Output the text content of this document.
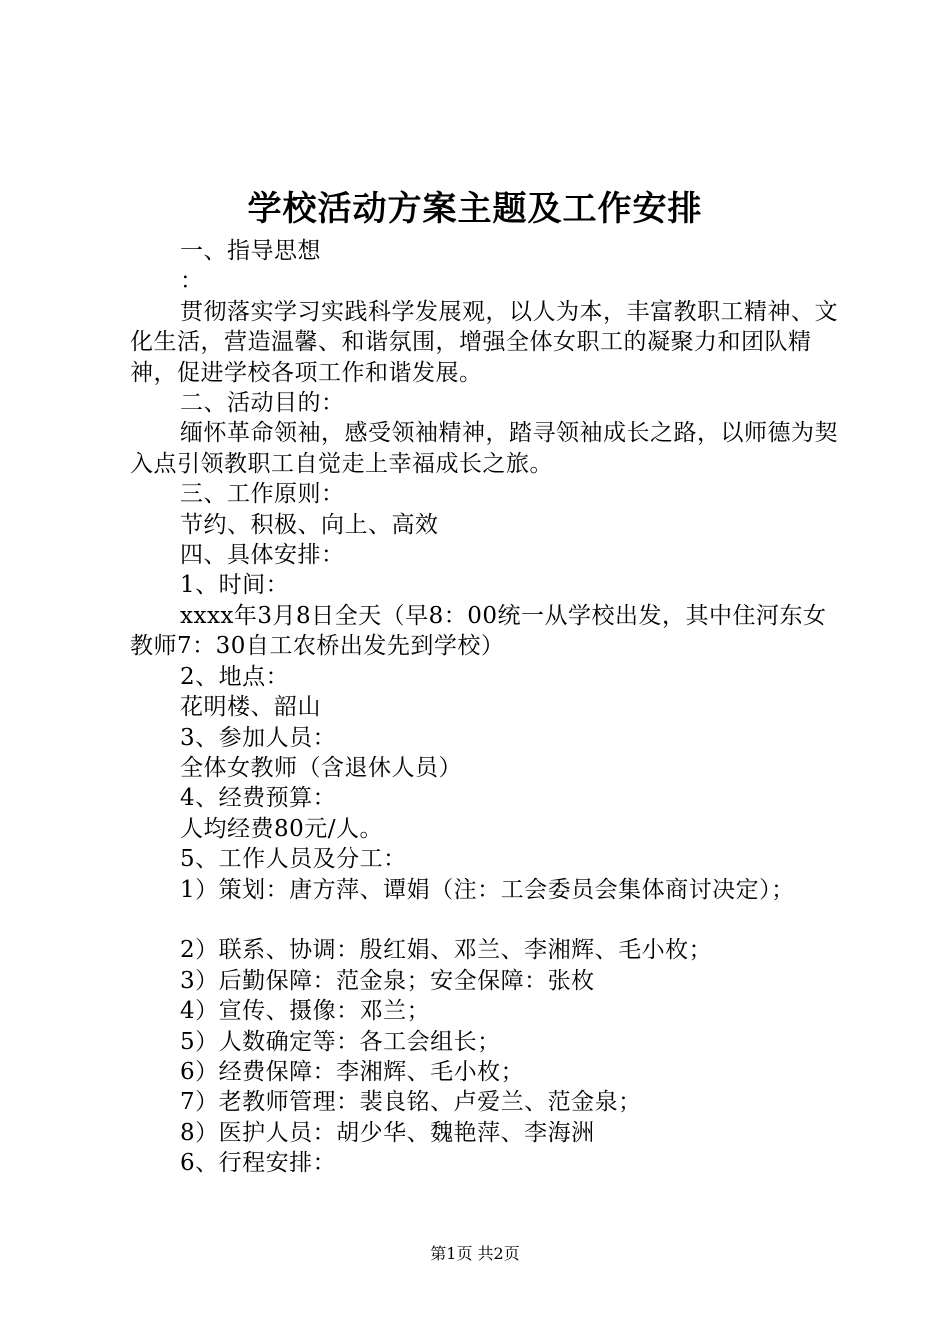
学校活动方案主题及工作安排

一、指导思想

：

贯彻落实学习实践科学发展观，以人为本，丰富教职工精神、文化生活，营造温馨、和谐氛围，增强全体女职工的凝聚力和团队精神，促进学校各项工作和谐发展。

二、活动目的：

缅怀革命领袖，感受领袖精神，踏寻领袖成长之路，以师德为契入点引领教职工自觉走上幸福成长之旅。

三、工作原则：

节约、积极、向上、高效

四、具体安排：

1、时间：

xxxx年3月8日全天（早8：00统一从学校出发，其中住河东女教师7：30自工农桥出发先到学校）

2、地点：

花明楼、韶山

3、参加人员：

全体女教师（含退休人员）

4、经费预算：

人均经费80元/人。

5、工作人员及分工：

1）策划：唐方萍、谭娟（注：工会委员会集体商讨决定）；

2）联系、协调：殷红娟、邓兰、李湘辉、毛小枚；

3）后勤保障：范金泉；安全保障：张枚

4）宣传、摄像：邓兰；

5）人数确定等：各工会组长；

6）经费保障：李湘辉、毛小枚；

7）老教师管理：裴良铭、卢爱兰、范金泉；

8）医护人员：胡少华、魏艳萍、李海洲

6、行程安排：

第1页 共2页
